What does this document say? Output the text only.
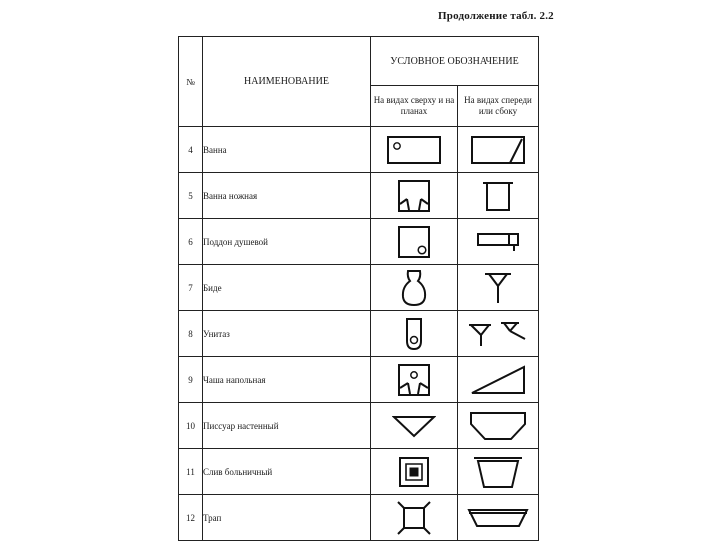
Продолжение табл. 2.2
№	НАИМЕНОВАНИЕ	УСЛОВНОЕ ОБОЗНАЧЕНИЕ	
		На видах сверху и на планах	На видах спереди или сбоку
4	Ванна	

5	Ванна ножная	

6	Поддон душевой	

7	Биде	

8	Унитаз	

9	Чаша напольная	

10	Писсуар настенный	

11	Слив больничный	

12	Трап	
